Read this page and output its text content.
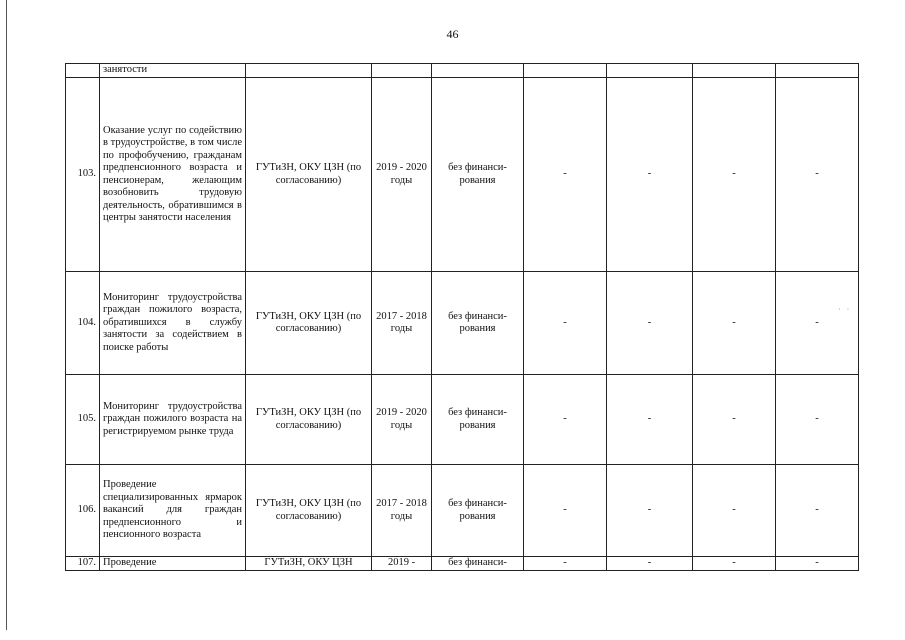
46
	занятости							
103.	Оказание услуг по содействию в трудоустройстве, в том числе по профобучению, гражданам предпенсионного возраста и пенсионерам, желающим возобновить трудовую деятельность, обратившимся в центры занятости населения	ГУТиЗН, ОКУ ЦЗН (по согласованию)	2019 - 2020 годы	без финанси-рования	-	-	-	-
104.	Мониторинг трудоустройства граждан пожилого возраста, обратившихся в службу занятости за содействием в поиске работы	ГУТиЗН, ОКУ ЦЗН (по согласованию)	2017 - 2018 годы	без финанси-рования	-	-	-	-
105.	Мониторинг трудоустройства граждан пожилого возраста на регистрируемом рынке труда	ГУТиЗН, ОКУ ЦЗН (по согласованию)	2019 - 2020 годы	без финанси-рования	-	-	-	-
106.	Проведение специализированных ярмарок вакансий для граждан предпенсионного и пенсионного возраста	ГУТиЗН, ОКУ ЦЗН (по согласованию)	2017 - 2018 годы	без финанси-рования	-	-	-	-
107.	Проведение	ГУТиЗН, ОКУ ЦЗН	2019 -	без финанси-	-	-	-	-
· ·
